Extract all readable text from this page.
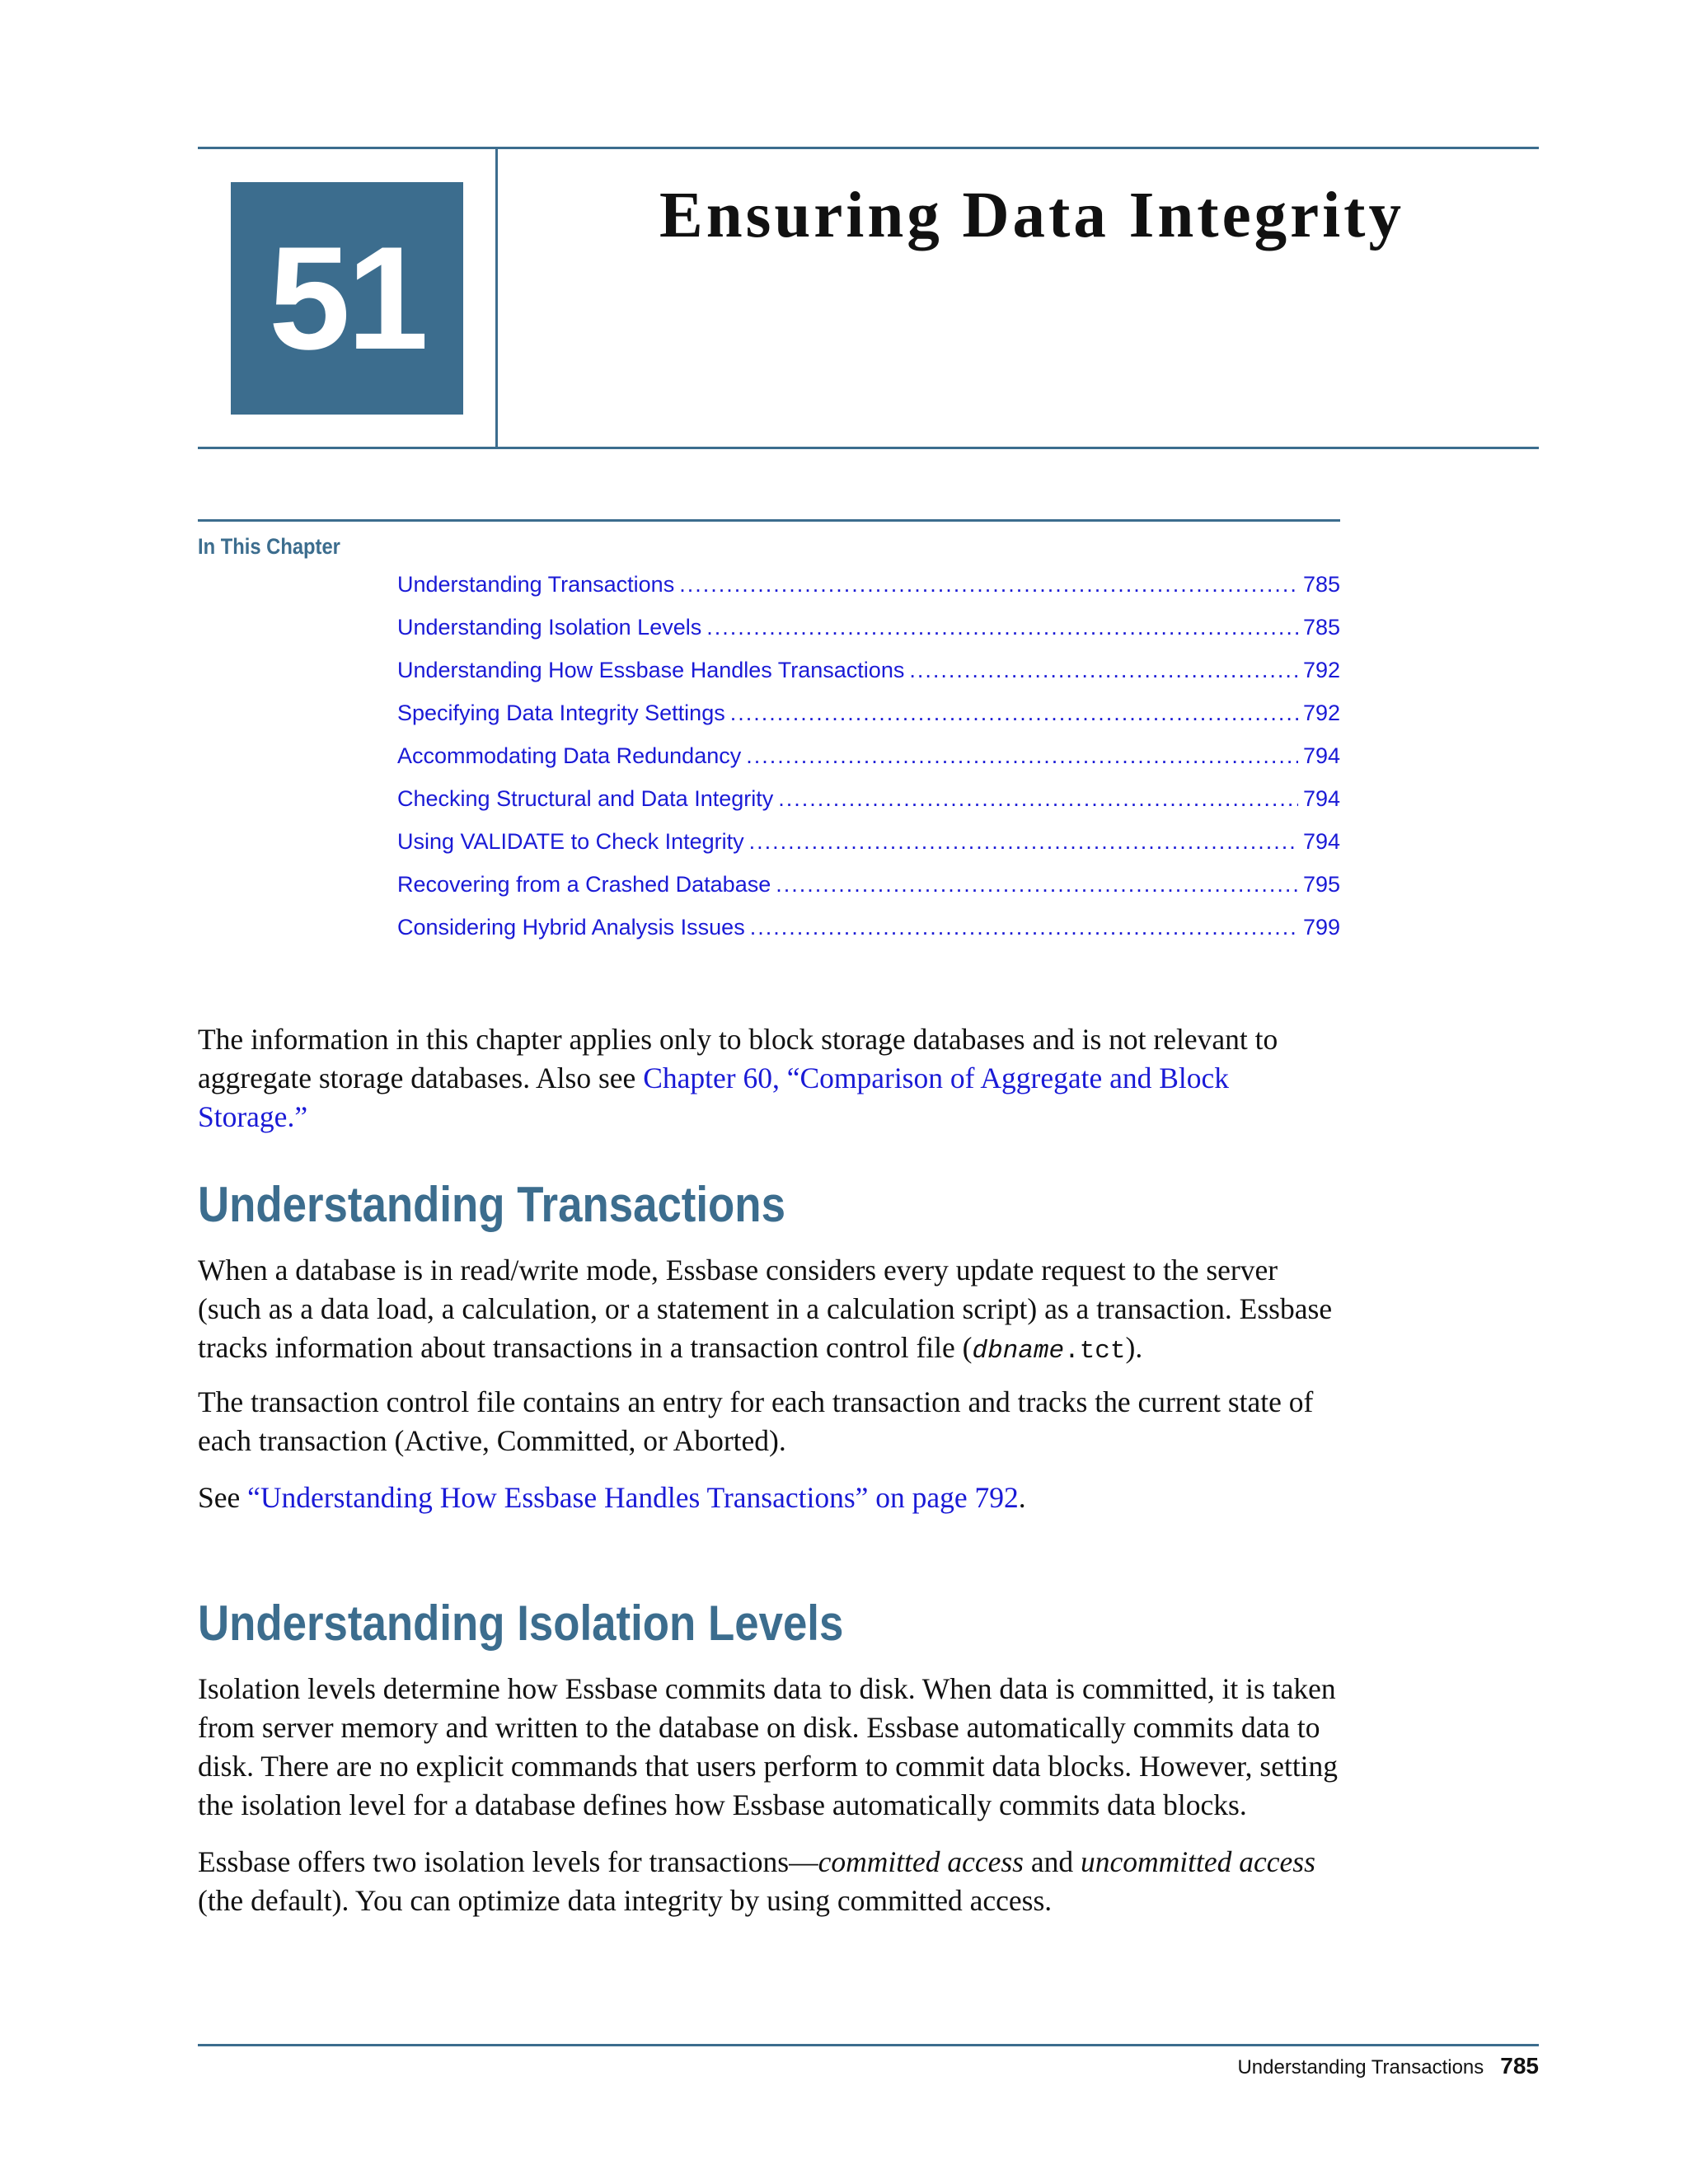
51
Ensuring Data Integrity
In This Chapter
Understanding Transactions .....	785
Understanding Isolation Levels .....	785
Understanding How Essbase Handles Transactions .....	792
Specifying Data Integrity Settings .....	792
Accommodating Data Redundancy .....	794
Checking Structural and Data Integrity .....	794
Using VALIDATE to Check Integrity .....	794
Recovering from a Crashed Database .....	795
Considering Hybrid Analysis Issues .....	799

The information in this chapter applies only to block storage databases and is not relevant to aggregate storage databases. Also see Chapter 60, “Comparison of Aggregate and Block Storage.”

Understanding Transactions

When a database is in read/write mode, Essbase considers every update request to the server (such as a data load, a calculation, or a statement in a calculation script) as a transaction. Essbase tracks information about transactions in a transaction control file (dbname.tct).

The transaction control file contains an entry for each transaction and tracks the current state of each transaction (Active, Committed, or Aborted).

See “Understanding How Essbase Handles Transactions” on page 792.

Understanding Isolation Levels

Isolation levels determine how Essbase commits data to disk. When data is committed, it is taken from server memory and written to the database on disk. Essbase automatically commits data to disk. There are no explicit commands that users perform to commit data blocks. However, setting the isolation level for a database defines how Essbase automatically commits data blocks.

Essbase offers two isolation levels for transactions—committed access and uncommitted access (the default). You can optimize data integrity by using committed access.

Understanding Transactions 785
